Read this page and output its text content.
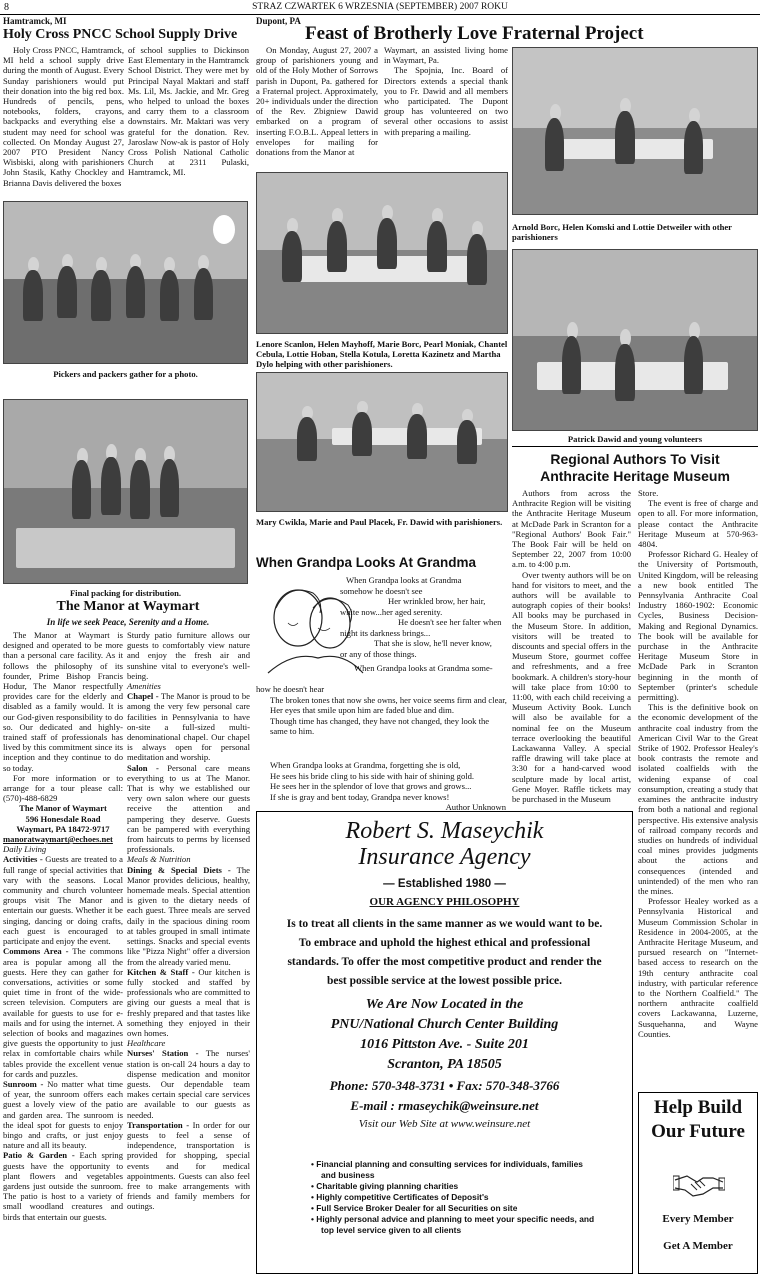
8	STRAZ CZWARTEK 6 WRZESNIA (SEPTEMBER) 2007 ROKU
Hamtramck, MI
Holy Cross PNCC School Supply Drive

Holy Cross PNCC, Hamtramck, MI held a school supply drive during the month of August. Every Sunday parishioners would put their donation into the big red box. Hundreds of pencils, pens, notebooks, folders, crayons, backpacks and everything else a student may need for school was collected. On Monday August 27, 2007 PTO President Nancy Wisbiski, along with parishioners John Stasik, Kathy Chockley and Brianna Davis delivered the boxes

of school supplies to Dickinson East Elementary in the Hamtramck School District. They were met by Principal Nayal Maktari and staff Ms. Lil, Ms. Jackie, and Mr. Greg who helped to unload the boxes and carry them to a classroom downstairs. Mr. Maktari was very grateful for the donation. Rev. Jaroslaw Now-ak is pastor of Holy Cross Polish National Catholic Church at 2311 Pulaski, Hamtramck, MI.

Pickers and packers gather for a photo.
Final packing for distribution.
Dupont, PA
Feast of Brotherly Love Fraternal Project

On Monday, August 27, 2007 a group of parishioners young and old of the Holy Mother of Sorrows parish in Dupont, Pa. gathered for a Fraternal project. Approximately, 20+ individuals under the direction of the Rev. Zbigniew Dawid embarked on a program of inserting F.O.B.L. Appeal letters in envelopes for mailing for donations from the Manor at

Waymart, an assisted living home in Waymart, Pa.

The Spojnia, Inc. Board of Directors extends a special thank you to Fr. Dawid and all members who participated. The Dupont group has volunteered on two several other occasions to assist with preparing a mailing.

Arnold Borc, Helen Komski and Lottie Detweiler with other parishioners
Lenore Scanlon, Helen Mayhoff, Marie Borc, Pearl Moniak, Chantel Cebula, Lottie Hoban, Stella Kotula, Loretta Kazinetz and Martha Dylo helping with other parishioners.
Patrick Dawid and young volunteers
Mary Cwikla, Marie and Paul Placek, Fr. Dawid with parishioners.
The Manor at Waymart
In life we seek Peace, Serenity and a Home.

The Manor at Waymart is designed and operated to be more than a personal care facility. As it follows the philosophy of its founder, Prime Bishop Francis Hodur, The Manor respectfully provides care for the elderly and disabled as a family would. It is our God-given responsibility to do so. Our dedicated and highly-trained staff of professionals has lived by this commitment since its inception and they continue to do so today.

For more information or to arrange for a tour please call: (570)-488-6829

The Manor of Waymart
596 Honesdale Road
Waymart, PA 18472-9717
manoratwaymart@echoes.net
Daily Living

Activities - Guests are treated to a full range of special activities that vary with the seasons. Local community and church volunteer groups visit The Manor and entertain our guests. Whether it be singing, dancing or doing crafts, each guest is encouraged to participate and enjoy the event.

Commons Area - The commons area is popular among all the guests. Here they can gather for conversations, activities or some quiet time in front of the wide-screen television. Computers are available for guests to use for e-mails and for using the internet. A selection of books and magazines give guests the opportunity to just relax in comfortable chairs while tables provide the excellent venue for cards and puzzles.

Sunroom - No matter what time of year, the sunroom offers each guest a lovely view of the patio and garden area. The sunroom is the ideal spot for guests to enjoy bingo and crafts, or just enjoy nature and all its beauty.

Patio & Garden - Each spring guests have the opportunity to plant flowers and vegetables gardens just outside the sunroom. The patio is host to a variety of small woodland creatures and birds that entertain our guests.

Sturdy patio furniture allows our guests to comfortably view nature and enjoy the fresh air and sunshine vital to everyone's well-being.

Amenities

Chapel - The Manor is proud to be among the very few personal care facilities in Pennsylvania to have on-site a full-sized multi-denominational chapel. Our chapel is always open for personal meditation and worship.

Salon - Personal care means everything to us at The Manor. That is why we established our very own salon where our guests receive the attention and pampering they deserve. Guests can be pampered with everything from haircuts to perms by licensed professionals.

Meals & Nutrition

Dining & Special Diets - The Manor provides delicious, healthy, homemade meals. Special attention is given to the dietary needs of each guest. Three meals are served daily in the spacious dining room at tables grouped in small intimate settings. Snacks and special events like "Pizza Night" offer a diversion from the already varied menu.

Kitchen & Staff - Our kitchen is fully stocked and staffed by professionals who are committed to giving our guests a meal that is freshly prepared and that tastes like something they enjoyed in their own homes.

Healthcare

Nurses' Station - The nurses' station is on-call 24 hours a day to dispense medication and monitor guests. Our dependable team makes certain special care services are available to our guests as needed.

Transportation - In order for our guests to feel a sense of independence, transportation is provided for shopping, special events and for medical appointments. Guests can also feel free to make arrangements with friends and family members for outings.

When Grandpa Looks At Grandma
When Grandpa looks at Grandma
somehow he doesn't see
Her wrinkled brow, her hair,
white now...her aged serenity.
He doesn't see her falter when
night its darkness brings...
That she is slow, he'll never know,
or any of those things.
When Grandpa looks at Grandma some-
how he doesn't hear
The broken tones that now she owns, her voice seems firm and clear,
Her eyes that smile upon him are faded blue and dim.
Though time has changed, they have not changed, they look the same to him.
When Grandpa looks at Grandma, forgetting she is old,
He sees his bride cling to his side with hair of shining gold.
He sees her in the splendor of love that grows and grows...
If she is gray and bent today, Grandpa never knows!
Author Unknown
Regional Authors To Visit
Anthracite Heritage Museum

Authors from across the Anthracite Region will be visiting the Anthracite Heritage Museum at McDade Park in Scranton for a "Regional Authors' Book Fair." The Book Fair will be held on September 22, 2007 from 10:00 a.m. to 4:00 p.m.

Over twenty authors will be on hand for visitors to meet, and the authors will be available to autograph copies of their books! All books may be purchased in the Museum Store. In addition, visitors will be treated to discounts and special offers in the Museum Store, gourmet coffee and refreshments, and a free bookmark. A children's story-hour will take place from 10:00 to 11:00, with each child receiving a Museum Activity Book. Lunch will also be available for a nominal fee on the Museum terrace overlooking the beautiful Lackawanna Valley. A special raffle drawing will take place at 3:30 for a hand-carved wood sculpture made by local artist, Gene Moyer. Raffle tickets may be purchased in the Museum

Store.

The event is free of charge and open to all. For more information, please contact the Anthracite Heritage Museum at 570-963-4804.

Professor Richard G. Healey of the University of Portsmouth, United Kingdom, will be releasing a new book entitled The Pennsylvania Anthracite Coal Industry 1860-1902: Economic Cycles, Business Decision-Making and Regional Dynamics. The book will be available for purchase in the Anthracite Heritage Museum Store in McDade Park in Scranton beginning in the month of September (printer's schedule permitting).

This is the definitive book on the economic development of the anthracite coal industry from the American Civil War to the Great Strike of 1902. Professor Healey's book contrasts the remote and isolated coalfields with the widening expanse of coal consumption, creating a study that examines the anthracite industry from both a national and regional perspective. His extensive analysis of railroad company records and studies on hundreds of individual coal mines provides judgments about the actions and consequences (intended and unintended) of the men who ran the mines.

Professor Healey worked as a Pennsylvania Historical and Museum Commission Scholar in Residence in 2004-2005, at the Anthracite Heritage Museum, and pursued research on "Internet-based access to research on the 19th century anthracite coal industry, with particular reference to the Northern Coalfield." The northern anthracite coalfield covers Lackawanna, Luzerne, Susquehanna, and Wayne Counties.

Robert S. Maseychik
Insurance Agency
— Established 1980 —
OUR AGENCY PHILOSOPHY
Is to treat all clients in the same manner as we would want to be.
To embrace and uphold the highest ethical and professional
standards. To offer the most competitive product and render the
best possible service at the lowest possible price.
We Are Now Located in the
PNU/National Church Center Building
1016 Pittston Ave. - Suite 201
Scranton, PA 18505
Phone: 570-348-3731 • Fax: 570-348-3766
E-mail : rmaseychik@weinsure.net
Visit our Web Site at www.weinsure.net
• Financial planning and consulting services for individuals, families and business
• Charitable giving planning charities
• Highly competitive Certificates of Deposit's
• Full Service Broker Dealer for all Securities on site
• Highly personal advice and planning to meet your specific needs, and top level service given to all clients
Help Build
Our Future
Every Member
Get A Member
